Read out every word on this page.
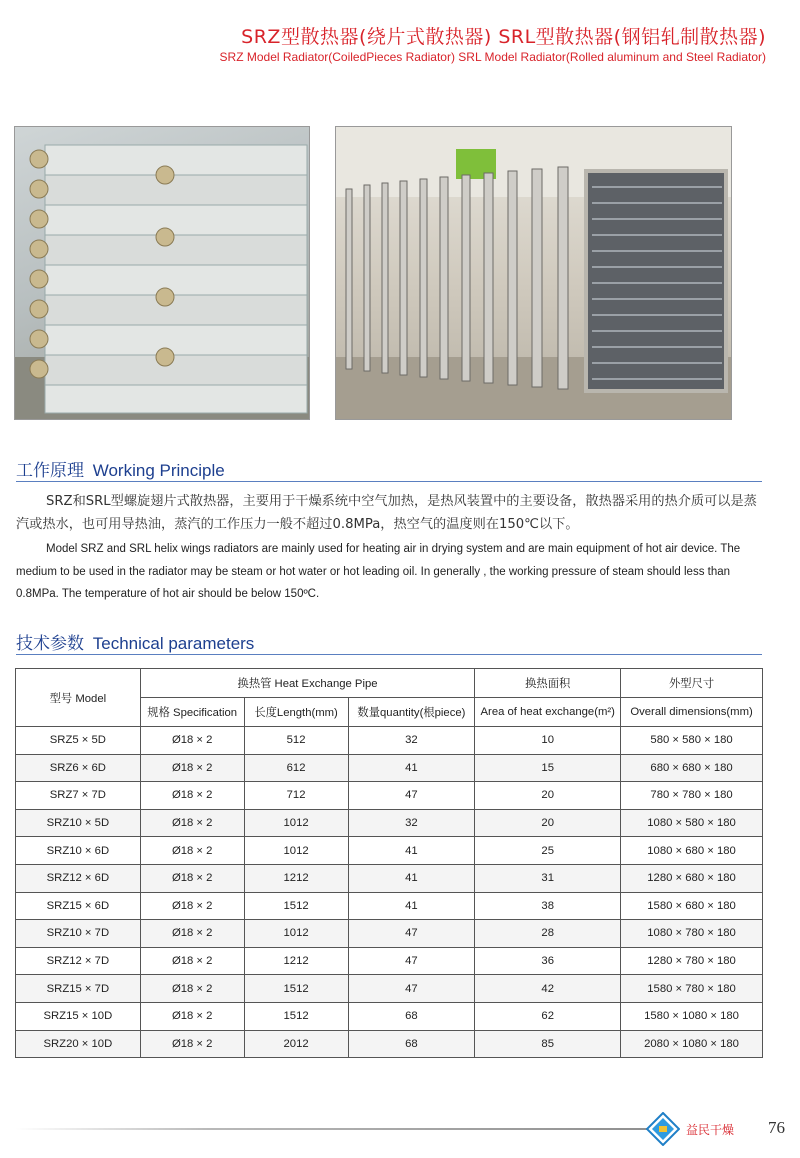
SRZ型散热器(绕片式散热器) SRL型散热器(钢铝轧制散热器)
SRZ Model Radiator(CoiledPieces Radiator) SRL Model Radiator(Rolled aluminum and Steel Radiator)
工作原理 Working Principle
SRZ和SRL型螺旋翅片式散热器，主要用于干燥系统中空气加热，是热风装置中的主要设备，散热器采用的热介质可以是蒸汽或热水，也可用导热油，蒸汽的工作压力一般不超过0.8MPa，热空气的温度则在150℃以下。
Model SRZ and SRL helix wings radiators are mainly used for heating air in drying system and are main equipment of hot air device. The medium to be used in the radiator may be steam or hot water or hot leading oil. In generally , the working pressure of steam should less than 0.8MPa. The temperature of hot air should be below 150ºC.
技术参数 Technical parameters
型号 Model	换热管 Heat Exchange Pipe			换热面积	外型尺寸
	规格 Specification	长度Length(mm)	数量quantity(根piece)	Area of heat exchange(m²)	Overall dimensions(mm)
SRZ5 × 5D	Ø18 × 2	512	32	10	580 × 580 × 180
SRZ6 × 6D	Ø18 × 2	612	41	15	680 × 680 × 180
SRZ7 × 7D	Ø18 × 2	712	47	20	780 × 780 × 180
SRZ10 × 5D	Ø18 × 2	1012	32	20	1080 × 580 × 180
SRZ10 × 6D	Ø18 × 2	1012	41	25	1080 × 680 × 180
SRZ12 × 6D	Ø18 × 2	1212	41	31	1280 × 680 × 180
SRZ15 × 6D	Ø18 × 2	1512	41	38	1580 × 680 × 180
SRZ10 × 7D	Ø18 × 2	1012	47	28	1080 × 780 × 180
SRZ12 × 7D	Ø18 × 2	1212	47	36	1280 × 780 × 180
SRZ15 × 7D	Ø18 × 2	1512	47	42	1580 × 780 × 180
SRZ15 × 10D	Ø18 × 2	1512	68	62	1580 × 1080 × 180
SRZ20 × 10D	Ø18 × 2	2012	68	85	2080 × 1080 × 180
益民干燥 76
